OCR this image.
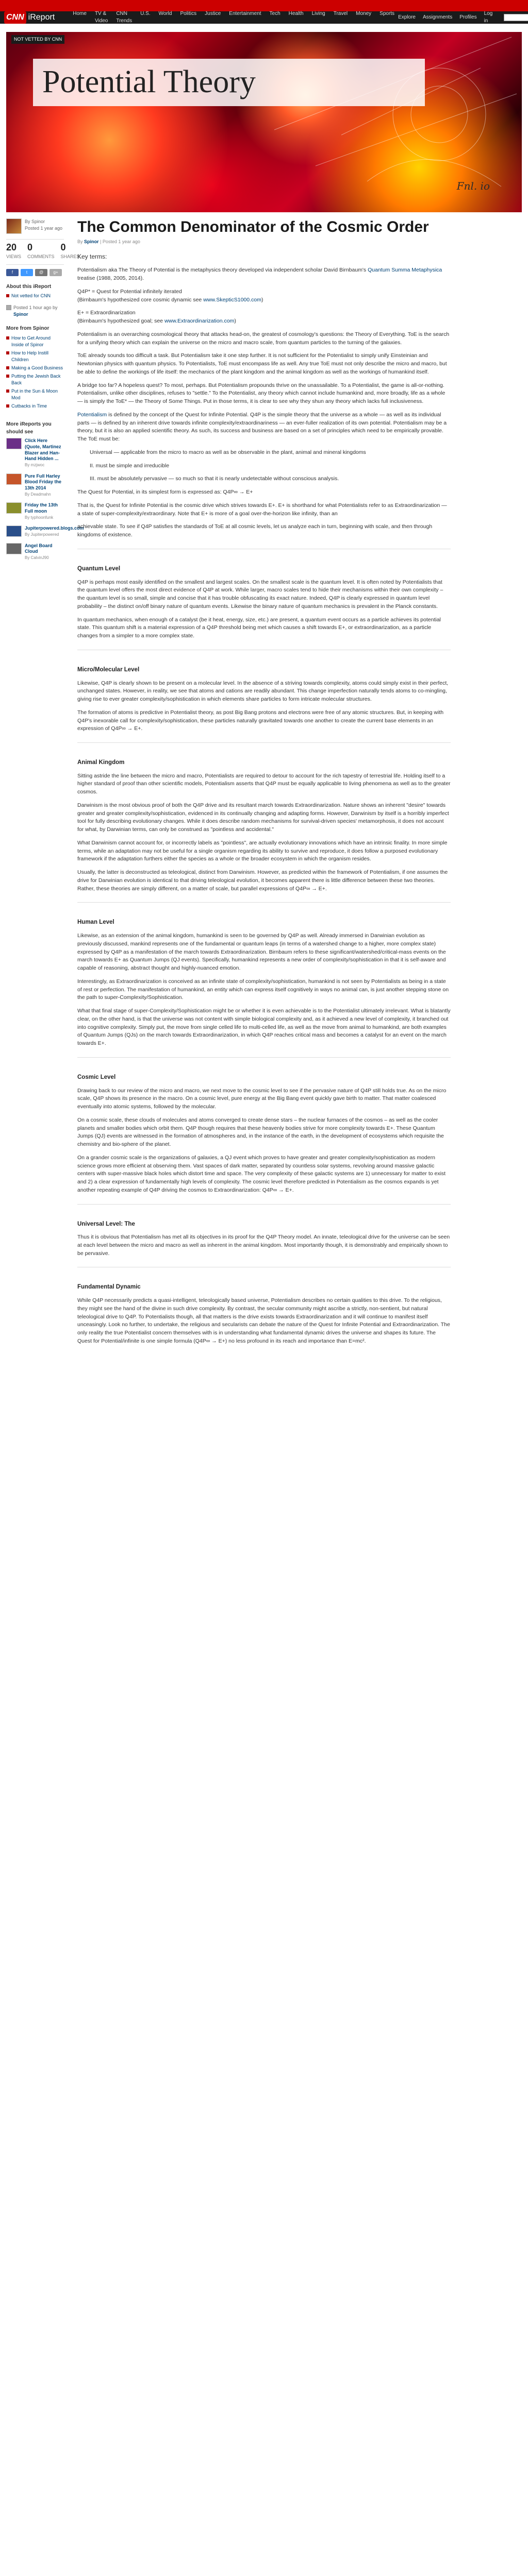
CNN iReport	Home	TV & Video
CNN Trends
U.S.	World	Politics	Justice	Entertainment	Tech	Health	Living	Travel	Money	Sports
Explore Assignments Profiles
Log in
NOT VETTED BY CNN
Potential Theory
Fnl. io
By Spinor
Posted 1 year ago
20
VIEWS
0
COMMENTS
0
SHARES
f	t	@	g+
About this iReport
Not vetted for CNN
Posted 1 hour ago by
Spinor
More from Spinor
How to Get Around Inside of Spinor
How to Help Instill Children
Making a Good Business
Putting the Jewish Back Back
Put in the Sun & Moon Mod
Cutbacks in Time
More iReports you should see
Click Here (Quote, Martinez Blazer and Han-Hand Hidden ...
By mzjwoc
Pure Full Harley Blood Friday the 13th 2014
By Deadmahn
Friday the 13th Full moon
By typhoonfunk
Jupiterpowered.blogs.com
By Jupiterpowered
Angel Board Cloud
By CalvinJ90
The Common Denominator of the Cosmic Order
By Spinor | Posted 1 year ago
Key terms:

Potentialism aka The Theory of Potential is the metaphysics theory developed via independent scholar David Birnbaum's Quantum Summa Metaphysica treatise (1988, 2005, 2014).

Q4P* = Quest for Potential infinitely iterated
(Birnbaum's hypothesized core cosmic dynamic see www.SkepticS1000.com)

E+ = Extraordinarization
(Birnbaum's hypothesized goal; see www.Extraordinarization.com)

Potentialism is an overarching cosmological theory that attacks head-on, the greatest of cosmology's questions: the Theory of Everything. ToE is the search for a unifying theory which can explain the universe on the micro and macro scale, from quantum particles to the turning of the galaxies.

ToE already sounds too difficult a task. But Potentialism take it one step further. It is not sufficient for the Potentialist to simply unify Einsteinian and Newtonian physics with quantum physics. To Potentialists, ToE must encompass life as well. Any true ToE must not only describe the micro and macro, but be able to define the workings of life itself: the mechanics of the plant kingdom and the animal kingdom as well as the workings of humankind itself.

A bridge too far? A hopeless quest? To most, perhaps. But Potentialism propounds thrive on the unassailable. To a Potentialist, the game is all-or-nothing. Potentialism, unlike other disciplines, refuses to "settle." To the Potentialist, any theory which cannot include humankind and, more broadly, life as a whole — is simply the ToE* — the Theory of Some Things. Put in those terms, it is clear to see why they shun any theory which lacks full inclusiveness.

Potentialism is defined by the concept of the Quest for Infinite Potential. Q4P is the simple theory that the universe as a whole — as well as its individual parts — is defined by an inherent drive towards infinite complexity/extraordinariness — an ever-fuller realization of its own potential. Potentialism may be a theory, but it is also an applied scientific theory. As such, its success and business are based on a set of principles which need to be empirically provable. The ToE must be:

Universal — applicable from the micro to macro as well as be observable in the plant, animal and mineral kingdoms

II. must be simple and irreducible

III. must be absolutely pervasive — so much so that it is nearly undetectable without conscious analysis.

The Quest for Potential, in its simplest form is expressed as: Q4P∞ → E+

That is, the Quest for Infinite Potential is the cosmic drive which strives towards E+. E+ is shorthand for what Potentialists refer to as Extraordinarization — a state of super-complexity/extraordinary. Note that E+ is more of a goal over-the-horizon like infinity, than an

achievable state. To see if Q4P satisfies the standards of ToE at all cosmic levels, let us analyze each in turn, beginning with scale, and then through kingdoms of existence.

Quantum Level

Q4P is perhaps most easily identified on the smallest and largest scales. On the smallest scale is the quantum level. It is often noted by Potentialists that the quantum level offers the most direct evidence of Q4P at work. While larger, macro scales tend to hide their mechanisms within their own complexity – the quantum level is so small, simple and concise that it has trouble obfuscating its exact nature. Indeed, Q4P is clearly expressed in quantum level probability – the distinct on/off binary nature of quantum events. Likewise the binary nature of quantum mechanics is prevalent in the Planck constants.

In quantum mechanics, when enough of a catalyst (be it heat, energy, size, etc.) are present, a quantum event occurs as a particle achieves its potential state. This quantum shift is a material expression of a Q4P threshold being met which causes a shift towards E+, or extraordinarization, as a particle changes from a simpler to a more complex state.

Micro/Molecular Level

Likewise, Q4P is clearly shown to be present on a molecular level. In the absence of a striving towards complexity, atoms could simply exist in their perfect, unchanged states. However, in reality, we see that atoms and cations are readily abundant. This change imperfection naturally tends atoms to co-mingling, giving rise to ever greater complexity/sophistication in which elements share particles to form intricate molecular structures.

The formation of atoms is predictive in Potentialist theory, as post Big Bang protons and electrons were free of any atomic structures. But, in keeping with Q4P's inexorable call for complexity/sophistication, these particles naturally gravitated towards one another to create the current base elements in an expression of Q4P∞ → E+.

Animal Kingdom

Sitting astride the line between the micro and macro, Potentialists are required to detour to account for the rich tapestry of terrestrial life. Holding itself to a higher standard of proof than other scientific models, Potentialism asserts that Q4P must be equally applicable to living phenomena as well as to the greater cosmos.

Darwinism is the most obvious proof of both the Q4P drive and its resultant march towards Extraordinarization. Nature shows an inherent "desire" towards greater and greater complexity/sophistication, evidenced in its continually changing and adapting forms. However, Darwinism by itself is a horribly imperfect tool for fully describing evolutionary changes. While it does describe random mechanisms for survival-driven species' metamorphosis, it does not account for what, by Darwinian terms, can only be construed as "pointless and accidental."

What Darwinism cannot account for, or incorrectly labels as "pointless", are actually evolutionary innovations which have an intrinsic finality. In more simple terms, while an adaptation may not be useful for a single organism regarding its ability to survive and reproduce, it does follow a purposed evolutionary framework if the adaptation furthers either the species as a whole or the broader ecosystem in which the organism resides.

Usually, the latter is deconstructed as teleological, distinct from Darwinism. However, as predicted within the framework of Potentialism, if one assumes the drive for Darwinian evolution is identical to that driving teleological evolution, it becomes apparent there is little difference between these two theories. Rather, these theories are simply different, on a matter of scale, but parallel expressions of Q4P∞ → E+.

Human Level

Likewise, as an extension of the animal kingdom, humankind is seen to be governed by Q4P as well. Already immersed in Darwinian evolution as previously discussed, mankind represents one of the fundamental or quantum leaps (in terms of a watershed change to a higher, more complex state) expressed by Q4P as a manifestation of the march towards Extraordinarization. Birnbaum refers to these significant/watershed/critical-mass events on the march towards E+ as Quantum Jumps (QJ events). Specifically, humankind represents a new order of complexity/sophistication in that it is self-aware and capable of reasoning, abstract thought and highly-nuanced emotion.

Interestingly, as Extraordinarization is conceived as an infinite state of complexity/sophistication, humankind is not seen by Potentialists as being in a state of rest or perfection. The manifestation of humankind, an entity which can express itself cognitively in ways no animal can, is just another stepping stone on the path to super-Complexity/Sophistication.

What that final stage of super-Complexity/Sophistication might be or whether it is even achievable is to the Potentialist ultimately irrelevant. What is blatantly clear, on the other hand, is that the universe was not content with simple biological complexity and, as it achieved a new level of complexity, it branched out into cognitive complexity. Simply put, the move from single celled life to multi-celled life, as well as the move from animal to humankind, are both examples of Quantum Jumps (QJs) on the march towards Extraordinarization, in which Q4P reaches critical mass and becomes a catalyst for an event on the march towards E+.

Cosmic Level

Drawing back to our review of the micro and macro, we next move to the cosmic level to see if the pervasive nature of Q4P still holds true. As on the micro scale, Q4P shows its presence in the macro. On a cosmic level, pure energy at the Big Bang event quickly gave birth to matter. That matter coalesced eventually into atomic systems, followed by the molecular.

On a cosmic scale, these clouds of molecules and atoms converged to create dense stars – the nuclear furnaces of the cosmos – as well as the cooler planets and smaller bodies which orbit them. Q4P though requires that these heavenly bodies strive for more complexity towards E+. These Quantum Jumps (QJ) events are witnessed in the formation of atmospheres and, in the instance of the earth, in the development of ecosystems which requisite the chemistry and bio-sphere of the planet.

On a grander cosmic scale is the organizations of galaxies, a QJ event which proves to have greater and greater complexity/sophistication as modern science grows more efficient at observing them. Vast spaces of dark matter, separated by countless solar systems, revolving around massive galactic centers with super-massive black holes which distort time and space. The very complexity of these galactic systems are 1) unnecessary for matter to exist and 2) a clear expression of fundamentally high levels of complexity. The cosmic level therefore predicted in Potentialism as the cosmos expands is yet another repeating example of Q4P driving the cosmos to Extraordinarization: Q4P∞ → E+.

Universal Level: The

Thus it is obvious that Potentialism has met all its objectives in its proof for the Q4P Theory model. An innate, teleological drive for the universe can be seen at each level between the micro and macro as well as inherent in the animal kingdom. Most importantly though, it is demonstrably and empirically shown to be pervasive.

Fundamental Dynamic

While Q4P necessarily predicts a quasi-intelligent, teleologically based universe, Potentialism describes no certain qualities to this drive. To the religious, they might see the hand of the divine in such drive complexity. By contrast, the secular community might ascribe a strictly, non-sentient, but natural teleological drive to Q4P. To Potentialists though, all that matters is the drive exists towards Extraordinarization and it will continue to manifest itself unceasingly. Look no further, to undertake, the religious and secularists can debate the nature of the Quest for Infinite Potential and Extraordinarization. The only reality the true Potentialist concern themselves with is in understanding what fundamental dynamic drives the universe and shapes its future. The Quest for Potential/infinite is one simple formula (Q4P∞ → E+) no less profound in its reach and importance than E=mc².
